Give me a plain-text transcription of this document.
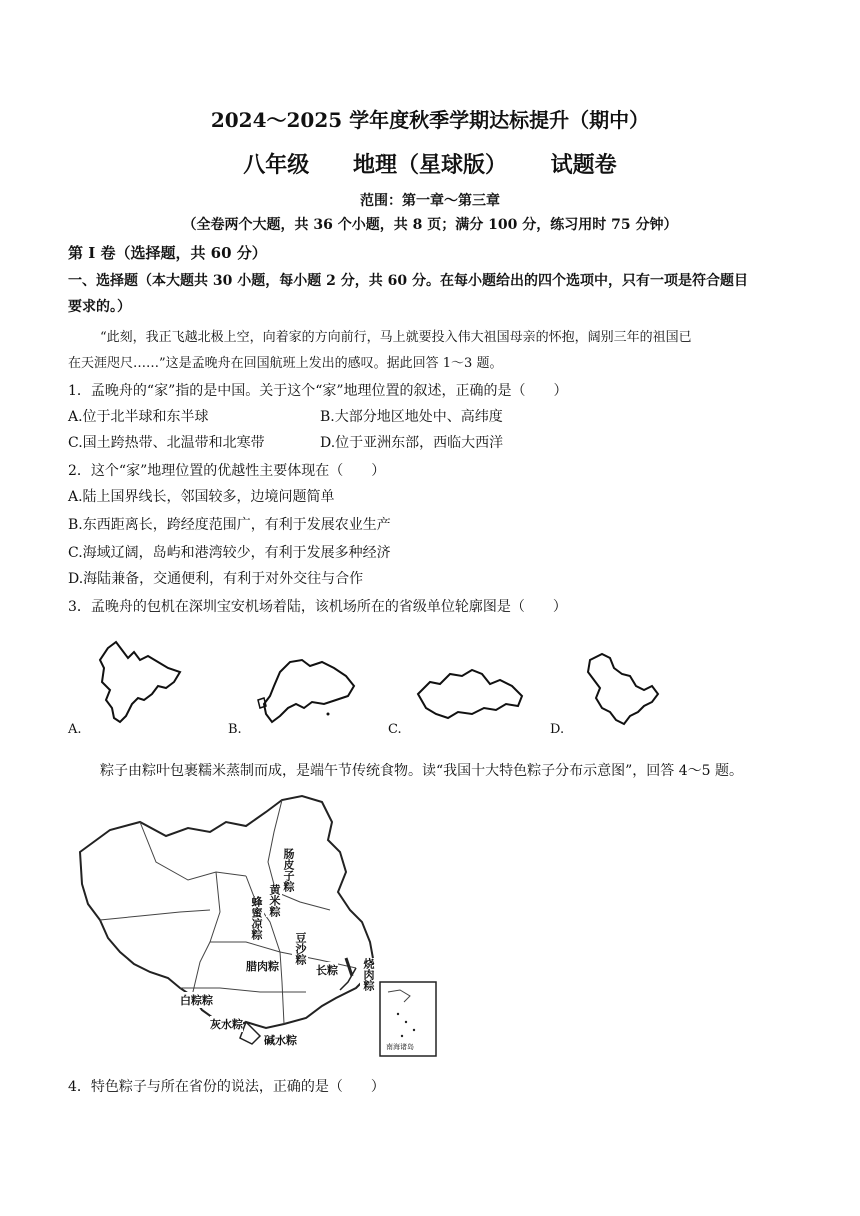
2024～2025 学年度秋季学期达标提升（期中）
八年级 地理（星球版） 试题卷
范围：第一章～第三章
（全卷两个大题，共 36 个小题，共 8 页；满分 100 分，练习用时 75 分钟）
第 I 卷（选择题，共 60 分）
一、选择题（本大题共 30 小题，每小题 2 分，共 60 分。在每小题给出的四个选项中，只有一项是符合题目
要求的。）
“此刻，我正飞越北极上空，向着家的方向前行，马上就要投入伟大祖国母亲的怀抱，阔别三年的祖国已
在天涯咫尺……”这是孟晚舟在回国航班上发出的感叹。据此回答 1～3 题。
1．孟晚舟的“家”指的是中国。关于这个“家”地理位置的叙述，正确的是（　　）
A.位于北半球和东半球	B.大部分地区地处中、高纬度
C.国土跨热带、北温带和北寒带	D.位于亚洲东部，西临大西洋
2．这个“家”地理位置的优越性主要体现在（　　）
A.陆上国界线长，邻国较多，边境问题简单
B.东西距离长，跨经度范围广，有利于发展农业生产
C.海域辽阔，岛屿和港湾较少，有利于发展多种经济
D.海陆兼备，交通便利，有利于对外交往与合作
3．孟晚舟的包机在深圳宝安机场着陆，该机场所在的省级单位轮廓图是（　　）
A.	B.	C.	D.
粽子由粽叶包裹糯米蒸制而成，是端午节传统食物。读“我国十大特色粽子分布示意图”，回答 4～5 题。
肠皮子粽
黄米粽
蜂蜜凉粽
豆沙粽
腊肉粽	长粽 烧肉粽
白粽粽
灰水粽
碱水粽	南海诸岛
4．特色粽子与所在省份的说法，正确的是（　　）
